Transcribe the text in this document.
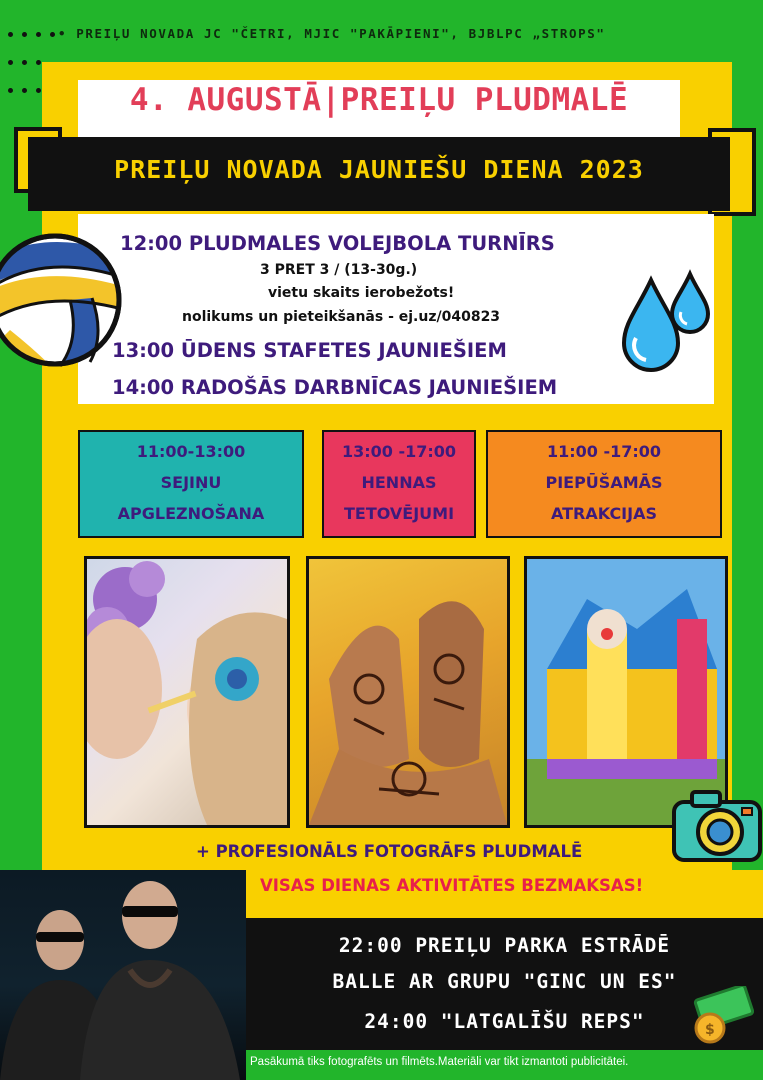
• PREIĻU NOVADA JC "ČETRI, MJIC "PAKĀPIENI", BJBLPC „STROPS"
4. AUGUSTĀ|PREIĻU PLUDMALĒ
PREIĻU NOVADA JAUNIEŠU DIENA 2023
12:00 PLUDMALES VOLEJBOLA TURNĪRS
3 PRET 3 / (13-30g.)
vietu skaits ierobežots!
nolikums un pieteikšanās - ej.uz/040823
13:00 ŪDENS STAFETES JAUNIEŠIEM
14:00 RADOŠĀS DARBNĪCAS JAUNIEŠIEM
11:00-13:00
SEJIŅU
APGLEZNOŠANA
13:00 -17:00
HENNAS
TETOVĒJUMI
11:00 -17:00
PIEPŪŠAMĀS
ATRAKCIJAS
+ PROFESIONĀLS FOTOGRĀFS PLUDMALĒ
VISAS DIENAS AKTIVITĀTES BEZMAKSAS!
22:00 PREIĻU PARKA ESTRĀDĒ
BALLE AR GRUPU "GINC UN ES"
24:00 "LATGALĪŠU REPS"	$
Pasākumā tiks fotografēts un filmēts.Materiāli var tikt izmantoti publicitātei.
